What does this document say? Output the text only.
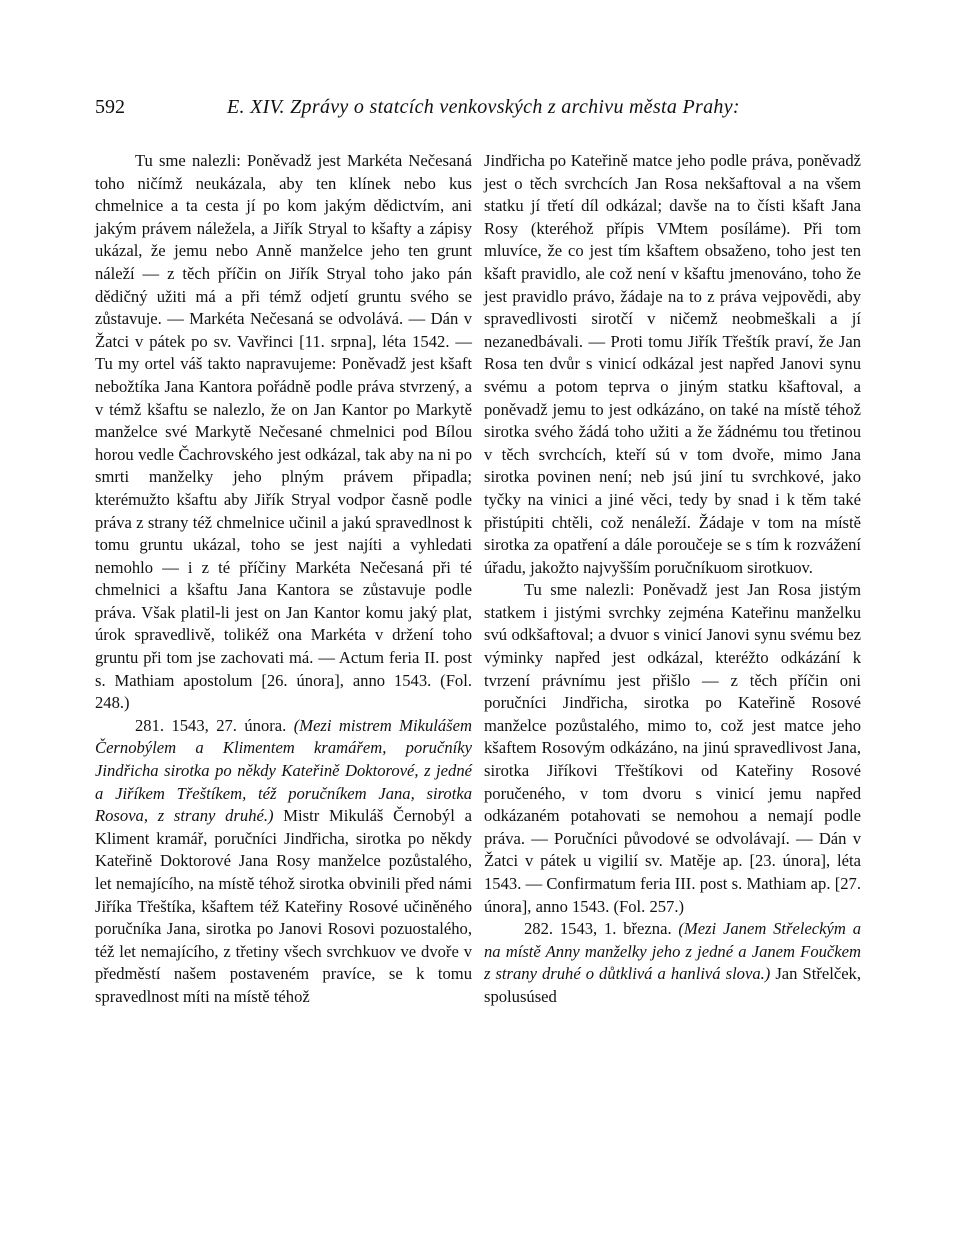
592	E. XIV. Zprávy o statcích venkovských z archivu města Prahy:

Tu sme nalezli: Poněvadž jest Markéta Nečesaná toho ničímž neukázala, aby ten klínek nebo kus chmelnice a ta cesta jí po kom jakým dědictvím, ani jakým právem náležela, a Jiřík Stryal to kšafty a zápisy ukázal, že jemu nebo Anně manželce jeho ten grunt náleží — z těch příčin on Jiřík Stryal toho jako pán dědičný užiti má a při témž odjetí gruntu svého se zůstavuje. — Markéta Nečesaná se odvolává. — Dán v Žatci v pátek po sv. Vavřinci [11. srpna], léta 1542. — Tu my ortel váš takto napravujeme: Poněvadž jest kšaft nebožtíka Jana Kantora pořádně podle práva stvrzený, a v témž kšaftu se nalezlo, že on Jan Kantor po Markytě manželce své Markytě Nečesané chmelnici pod Bílou horou vedle Čachrovského jest odkázal, tak aby na ni po smrti manželky jeho plným právem připadla; kterémužto kšaftu aby Jiřík Stryal vodpor časně podle práva z strany též chmelnice učinil a jakú spravedlnost k tomu gruntu ukázal, toho se jest najíti a vyhledati nemohlo — i z té příčiny Markéta Nečesaná při té chmelnici a kšaftu Jana Kantora se zůstavuje podle práva. Však platil-li jest on Jan Kantor komu jaký plat, úrok spravedlivě, tolikéž ona Markéta v držení toho gruntu při tom jse zachovati má. — Actum feria II. post s. Mathiam apostolum [26. února], anno 1543. (Fol. 248.)

281. 1543, 27. února. (Mezi mistrem Mikulášem Černobýlem a Klimentem kramářem, poručníky Jindřicha sirotka po někdy Kateřině Doktorové, z jedné a Jiříkem Třeštíkem, též poručníkem Jana, sirotka Rosova, z strany druhé.) Mistr Mikuláš Černobýl a Kliment kramář, poručníci Jindřicha, sirotka po někdy Kateřině Doktorové Jana Rosy manželce pozůstalého, let nemajícího, na místě téhož sirotka obvinili před námi Jiříka Třeštíka, kšaftem též Kateřiny Rosové učiněného poručníka Jana, sirotka po Janovi Rosovi pozuostalého, též let nemajícího, z třetiny všech svrchkuov ve dvoře v předměstí našem postaveném pravíce, se k tomu spravedlnost míti na místě téhož

Jindřicha po Kateřině matce jeho podle práva, poněvadž jest o těch svrchcích Jan Rosa nekšaftoval a na všem statku jí třetí díl odkázal; davše na to čísti kšaft Jana Rosy (kteréhož přípis VMtem posíláme). Při tom mluvíce, že co jest tím kšaftem obsaženo, toho jest ten kšaft pravidlo, ale což není v kšaftu jmenováno, toho že jest pravidlo právo, žádaje na to z práva vejpovědi, aby spravedlivosti sirotčí v ničemž neobmeškali a jí nezanedbávali. — Proti tomu Jiřík Třeštík praví, že Jan Rosa ten dvůr s vinicí odkázal jest napřed Janovi synu svému a potom teprva o jiným statku kšaftoval, a poněvadž jemu to jest odkázáno, on také na místě téhož sirotka svého žádá toho užiti a že žádnému tou třetinou v těch svrchcích, kteří sú v tom dvoře, mimo Jana sirotka povinen není; neb jsú jiní tu svrchkové, jako tyčky na vinici a jiné věci, tedy by snad i k těm také přistúpiti chtěli, což nenáleží. Žádaje v tom na místě sirotka za opatření a dále poroučeje se s tím k rozvážení úřadu, jakožto najvyšším poručníkuom sirotkuov.

Tu sme nalezli: Poněvadž jest Jan Rosa jistým statkem i jistými svrchky zejména Kateřinu manželku svú odkšaftoval; a dvuor s vinicí Janovi synu svému bez výminky napřed jest odkázal, kteréžto odkázání k tvrzení právnímu jest přišlo — z těch příčin oni poručníci Jindřicha, sirotka po Kateřině Rosové manželce pozůstalého, mimo to, což jest matce jeho kšaftem Rosovým odkázáno, na jinú spravedlivost Jana, sirotka Jiříkovi Třeštíkovi od Kateřiny Rosové poručeného, v tom dvoru s vinicí jemu napřed odkázaném potahovati se nemohou a nemají podle práva. — Poručníci původové se odvolávají. — Dán v Žatci v pátek u vigilií sv. Matěje ap. [23. února], léta 1543. — Confirmatum feria III. post s. Mathiam ap. [27. února], anno 1543. (Fol. 257.)

282. 1543, 1. března. (Mezi Janem Střeleckým a na místě Anny manželky jeho z jedné a Janem Foučkem z strany druhé o důtklivá a hanlivá slova.) Jan Střelček, spolusúsed
